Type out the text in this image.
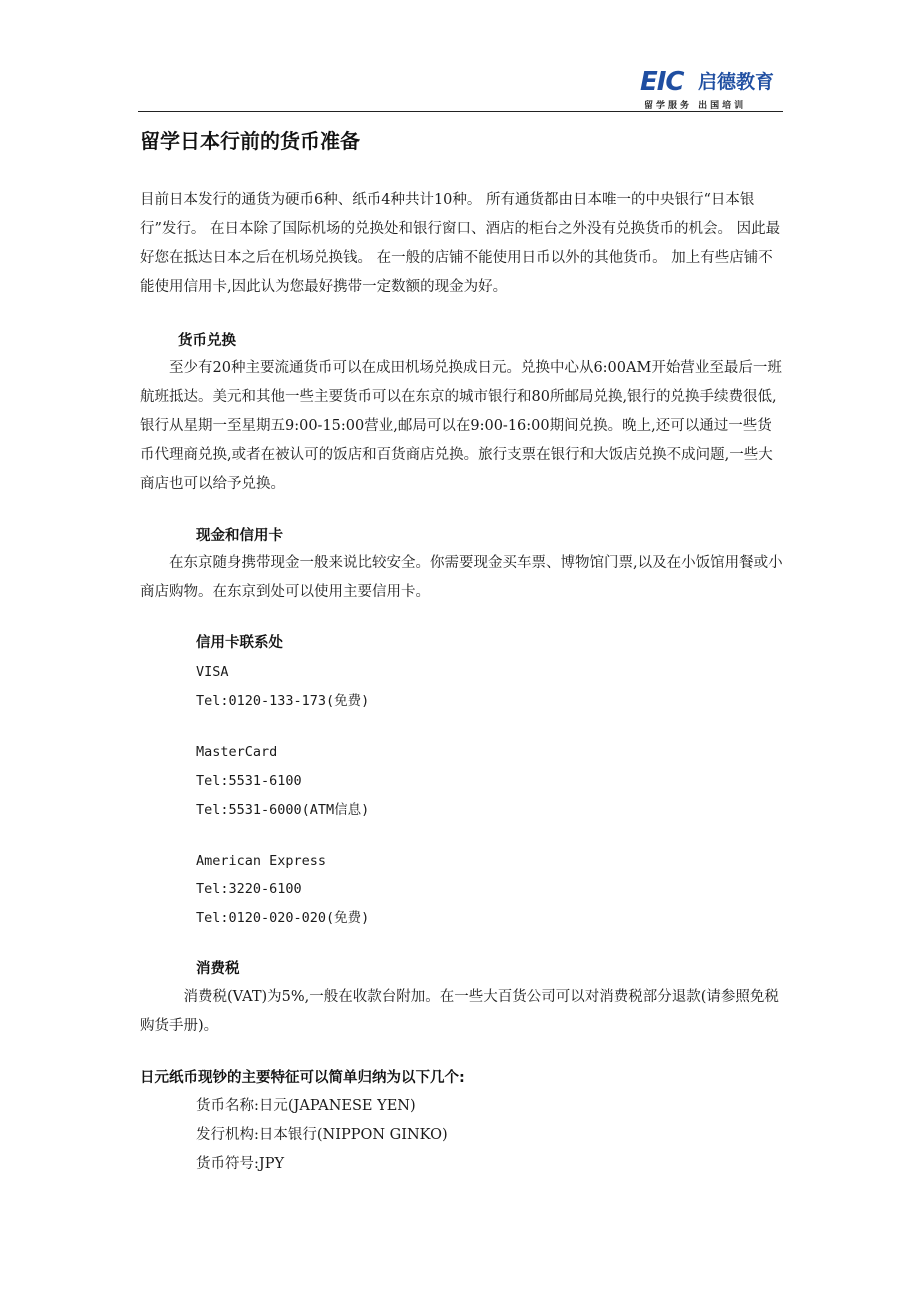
EIC 启德教育
留学服务 出国培训
留学日本行前的货币准备
目前日本发行的通货为硬币6种、纸币4种共计10种。 所有通货都由日本唯一的中央银行“日本银行”发行。 在日本除了国际机场的兑换处和银行窗口、酒店的柜台之外没有兑换货币的机会。 因此最好您在抵达日本之后在机场兑换钱。 在一般的店铺不能使用日币以外的其他货币。 加上有些店铺不能使用信用卡,因此认为您最好携带一定数额的现金为好。
货币兑换
至少有20种主要流通货币可以在成田机场兑换成日元。兑换中心从6:00AM开始营业至最后一班航班抵达。美元和其他一些主要货币可以在东京的城市银行和80所邮局兑换,银行的兑换手续费很低,银行从星期一至星期五9:00-15:00营业,邮局可以在9:00-16:00期间兑换。晚上,还可以通过一些货币代理商兑换,或者在被认可的饭店和百货商店兑换。旅行支票在银行和大饭店兑换不成问题,一些大商店也可以给予兑换。
现金和信用卡
在东京随身携带现金一般来说比较安全。你需要现金买车票、博物馆门票,以及在小饭馆用餐或小商店购物。在东京到处可以使用主要信用卡。
信用卡联系处
VISA
Tel:0120-133-173(免费)
MasterCard
Tel:5531-6100
Tel:5531-6000(ATM信息)
American Express
Tel:3220-6100
Tel:0120-020-020(免费)
消费税
消费税(VAT)为5%,一般在收款台附加。在一些大百货公司可以对消费税部分退款(请参照免税购货手册)。
日元纸币现钞的主要特征可以简单归纳为以下几个:
货币名称:日元(JAPANESE YEN)
发行机构:日本银行(NIPPON GINKO)
货币符号:JPY
